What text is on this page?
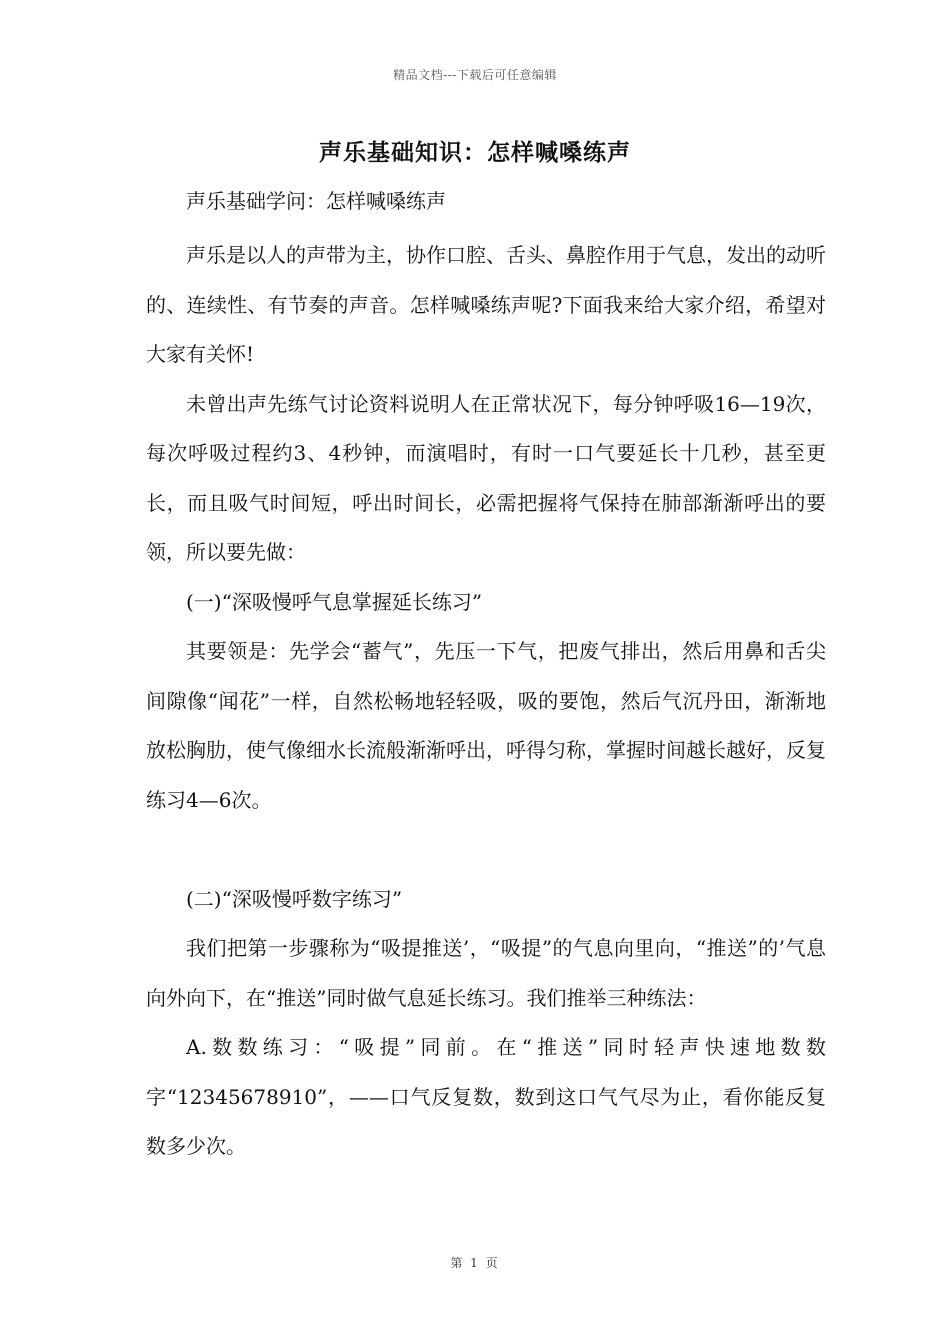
精品文档---下载后可任意编辑
声乐基础知识：怎样喊嗓练声

声乐基础学问：怎样喊嗓练声

声乐是以人的声带为主，协作口腔、舌头、鼻腔作用于气息，发出的动听的、连续性、有节奏的声音。怎样喊嗓练声呢?下面我来给大家介绍，希望对大家有关怀!

未曾出声先练气讨论资料说明人在正常状况下，每分钟呼吸16—19次，每次呼吸过程约3、4秒钟，而演唱时，有时一口气要延长十几秒，甚至更长，而且吸气时间短，呼出时间长，必需把握将气保持在肺部渐渐呼出的要领，所以要先做：

(一)“深吸慢呼气息掌握延长练习”

其要领是：先学会“蓄气”，先压一下气，把废气排出，然后用鼻和舌尖间隙像“闻花”一样，自然松畅地轻轻吸，吸的要饱，然后气沉丹田，渐渐地放松胸肋，使气像细水长流般渐渐呼出，呼得匀称，掌握时间越长越好，反复练习4—6次。

(二)“深吸慢呼数字练习”

我们把第一步骤称为“吸提推送’，“吸提”的气息向里向，“推送”的’气息向外向下，在“推送”同时做气息延长练习。我们推举三种练法：

A.数数练习：“吸提”同前。在“推送”同时轻声快速地数数字“12345678910”，——口气反复数，数到这口气气尽为止，看你能反复数多少次。

第 1 页
